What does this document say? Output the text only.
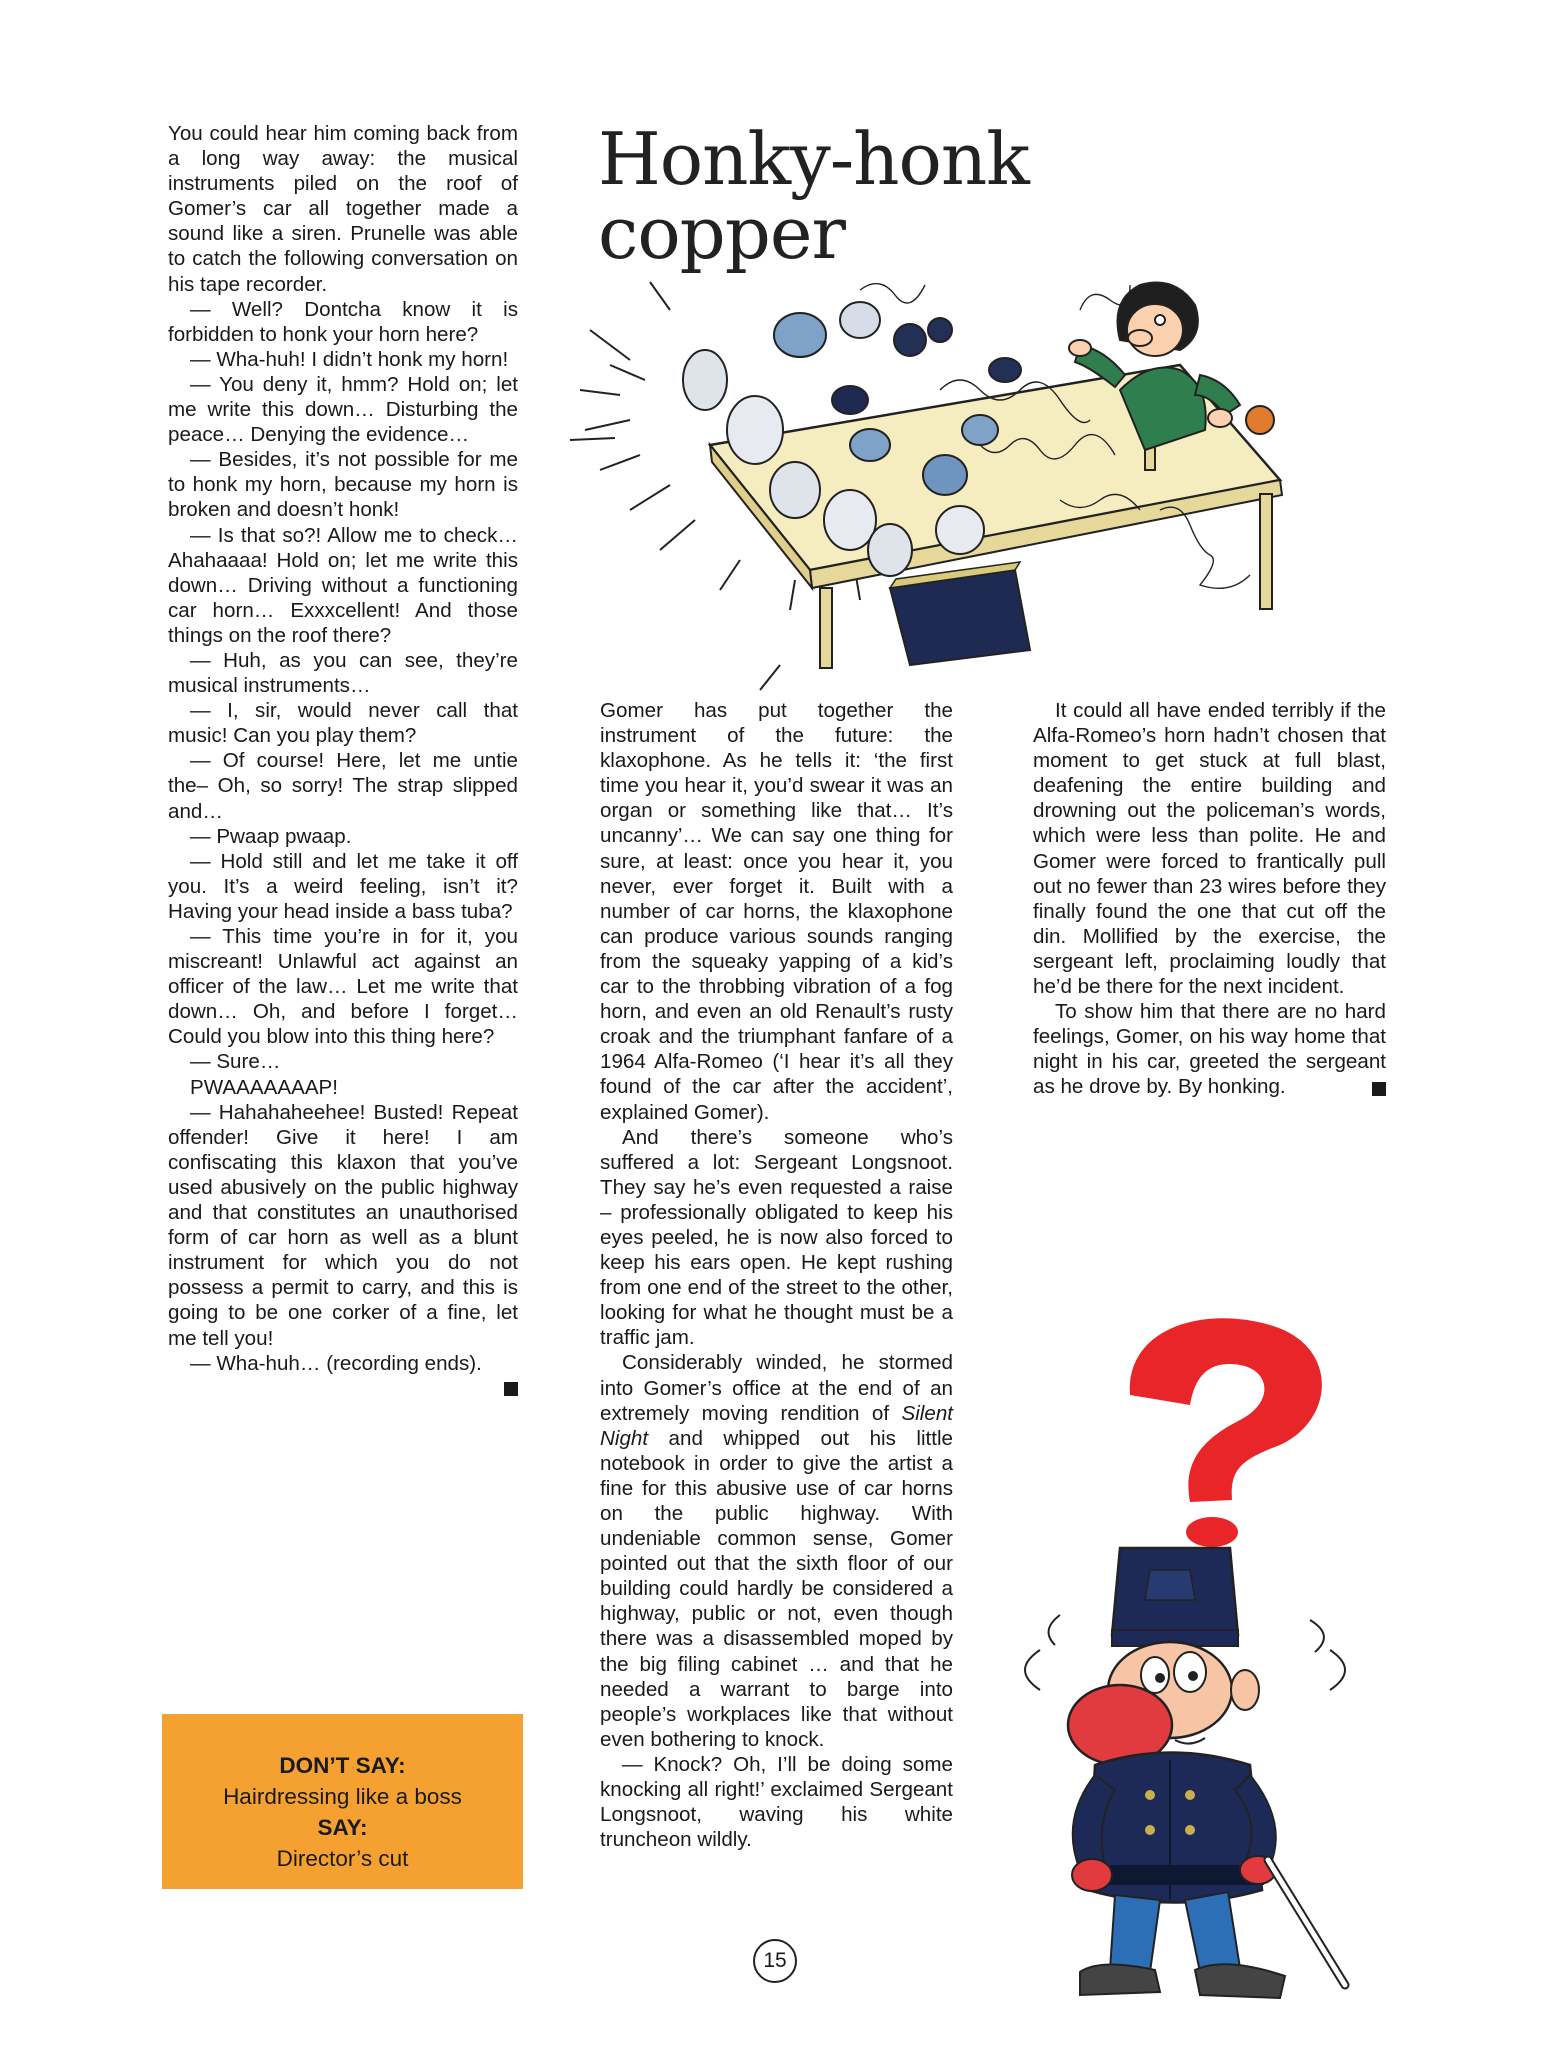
You could hear him coming back from a long way away: the musical instruments piled on the roof of Gomer’s car all together made a sound like a siren. Prunelle was able to catch the following conversation on his tape recorder.

— Well? Dontcha know it is forbidden to honk your horn here?

— Wha-huh! I didn’t honk my horn!

— You deny it, hmm? Hold on; let me write this down… Disturbing the peace… Denying the evidence…

— Besides, it’s not possible for me to honk my horn, because my horn is broken and doesn’t honk!

— Is that so?! Allow me to check… Ahahaaaa! Hold on; let me write this down… Driving without a functioning car horn… Exxxcellent! And those things on the roof there?

— Huh, as you can see, they’re musical instruments…

— I, sir, would never call that music! Can you play them?

— Of course! Here, let me untie the– Oh, so sorry! The strap slipped and…

— Pwaap pwaap.

— Hold still and let me take it off you. It’s a weird feeling, isn’t it? Having your head inside a bass tuba?

— This time you’re in for it, you miscreant! Unlawful act against an officer of the law… Let me write that down… Oh, and before I forget… Could you blow into this thing here?

— Sure…

PWAAAAAAAP!

— Hahahaheehee! Busted! Repeat offender! Give it here! I am confiscating this klaxon that you’ve used abusively on the public highway and that constitutes an unauthorised form of car horn as well as a blunt instrument for which you do not possess a permit to carry, and this is going to be one corker of a fine, let me tell you!

— Wha-huh… (recording ends).

Honky-honk
copper

Gomer has put together the instrument of the future: the klaxophone. As he tells it: ‘the first time you hear it, you’d swear it was an organ or something like that… It’s uncanny’… We can say one thing for sure, at least: once you hear it, you never, ever forget it. Built with a number of car horns, the klaxophone can produce various sounds ranging from the squeaky yapping of a kid’s car to the throbbing vibration of a fog horn, and even an old Renault’s rusty croak and the triumphant fanfare of a 1964 Alfa-Romeo (‘I hear it’s all they found of the car after the accident’, explained Gomer).

And there’s someone who’s suffered a lot: Sergeant Longsnoot. They say he’s even requested a raise – professionally obligated to keep his eyes peeled, he is now also forced to keep his ears open. He kept rushing from one end of the street to the other, looking for what he thought must be a traffic jam.

Considerably winded, he stormed into Gomer’s office at the end of an extremely moving rendition of Silent Night and whipped out his little notebook in order to give the artist a fine for this abusive use of car horns on the public highway. With undeniable common sense, Gomer pointed out that the sixth floor of our building could hardly be considered a highway, public or not, even though there was a disassembled moped by the big filing cabinet … and that he needed a warrant to barge into people’s workplaces like that without even bothering to knock.

— Knock? Oh, I’ll be doing some knocking all right!’ exclaimed Sergeant Longsnoot, waving his white truncheon wildly.

It could all have ended terribly if the Alfa-Romeo’s horn hadn’t chosen that moment to get stuck at full blast, deafening the entire building and drowning out the policeman’s words, which were less than polite. He and Gomer were forced to frantically pull out no fewer than 23 wires before they finally found the one that cut off the din. Mollified by the exercise, the sergeant left, proclaiming loudly that he’d be there for the next incident.

To show him that there are no hard feelings, Gomer, on his way home that night in his car, greeted the sergeant as he drove by. By honking.

DON’T SAY:
Hairdressing like a boss
SAY:
Director’s cut
15
